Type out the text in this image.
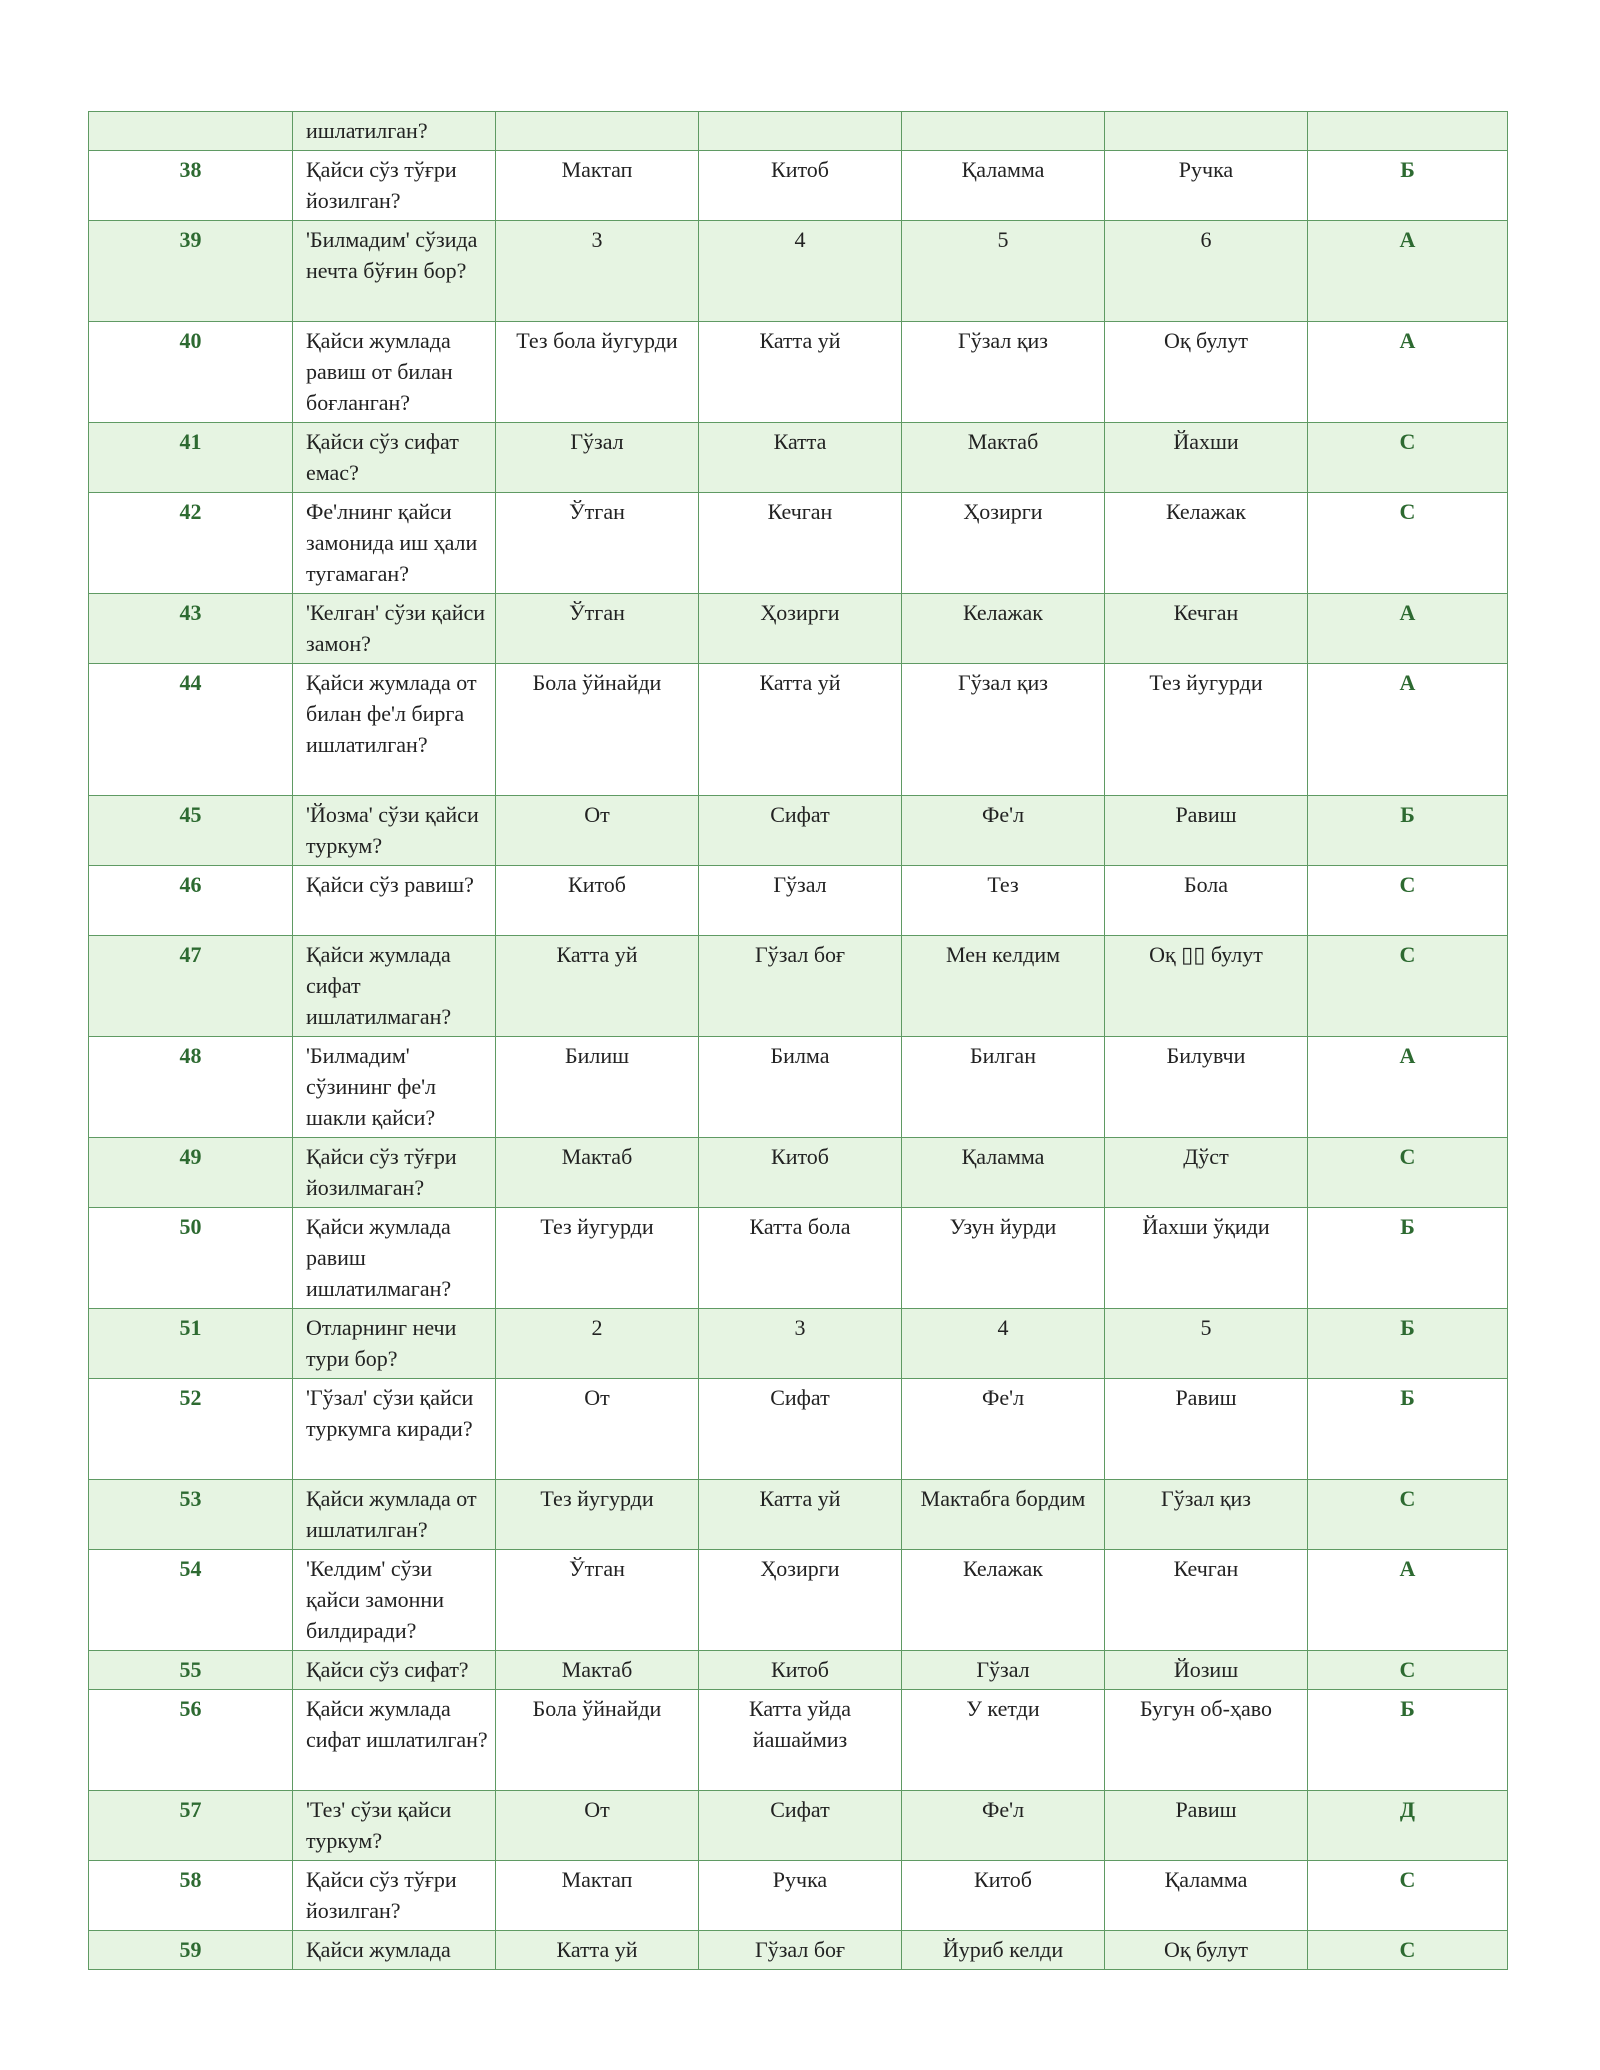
	ишлатилган?					
38	Қайси сўз тўғри йозилган?	Мактап	Китоб	Қаламма	Ручка	Б
39	'Билмадим' сўзида нечта бўғин бор?	3	4	5	6	А
40	Қайси жумлада равиш от билан боғланган?	Тез бола йугурди	Катта уй	Гўзал қиз	Оқ булут	А
41	Қайси сўз сифат емас?	Гўзал	Катта	Мактаб	Йахши	С
42	Фе'лнинг қайси замонида иш ҳали тугамаган?	Ўтган	Кечган	Ҳозирги	Келажак	С
43	'Келган' сўзи қайси замон?	Ўтган	Ҳозирги	Келажак	Кечган	А
44	Қайси жумлада от билан фе'л бирга ишлатилган?	Бола ўйнайди	Катта уй	Гўзал қиз	Тез йугурди	А
45	'Йозма' сўзи қайси туркум?	От	Сифат	Фе'л	Равиш	Б
46	Қайси сўз равиш?	Китоб	Гўзал	Тез	Бола	С
47	Қайси жумлада сифат ишлатилмаган?	Катта уй	Гўзал боғ	Мен келдим	Оқ ▯▯ булут	С
48	'Билмадим' сўзининг фе'л шакли қайси?	Билиш	Билма	Билган	Билувчи	А
49	Қайси сўз тўғри йозилмаган?	Мактаб	Китоб	Қаламма	Дўст	С
50	Қайси жумлада равиш ишлатилмаган?	Тез йугурди	Катта бола	Узун йурди	Йахши ўқиди	Б
51	Отларнинг нечи тури бор?	2	3	4	5	Б
52	'Гўзал' сўзи қайси туркумга киради?	От	Сифат	Фе'л	Равиш	Б
53	Қайси жумлада от ишлатилган?	Тез йугурди	Катта уй	Мактабга бордим	Гўзал қиз	С
54	'Келдим' сўзи қайси замонни билдиради?	Ўтган	Ҳозирги	Келажак	Кечган	А
55	Қайси сўз сифат?	Мактаб	Китоб	Гўзал	Йозиш	С
56	Қайси жумлада сифат ишлатилган?	Бола ўйнайди	Катта уйда йашаймиз	У кетди	Бугун об-ҳаво	Б
57	'Тез' сўзи қайси туркум?	От	Сифат	Фе'л	Равиш	Д
58	Қайси сўз тўғри йозилган?	Мактап	Ручка	Китоб	Қаламма	С
59	Қайси жумлада	Катта уй	Гўзал боғ	Йуриб келди	Оқ булут	С
